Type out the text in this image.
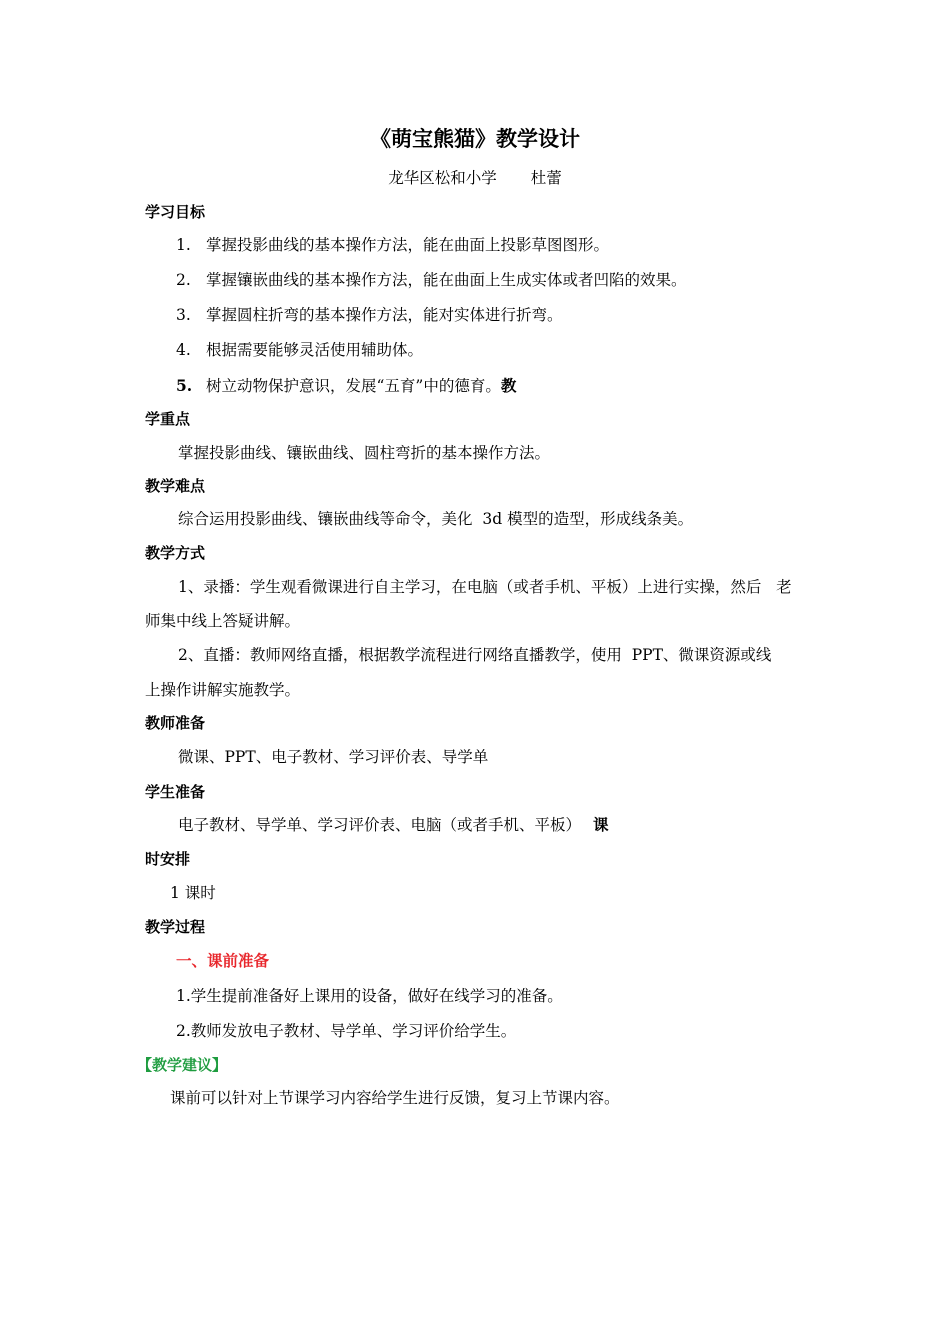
《萌宝熊猫》教学设计
龙华区松和小学 杜蕾
学习目标
1. 掌握投影曲线的基本操作方法，能在曲面上投影草图图形。
2. 掌握镶嵌曲线的基本操作方法，能在曲面上生成实体或者凹陷的效果。
3. 掌握圆柱折弯的基本操作方法，能对实体进行折弯。
4. 根据需要能够灵活使用辅助体。
5. 树立动物保护意识，发展“五育”中的德育。教
学重点
掌握投影曲线、镶嵌曲线、圆柱弯折的基本操作方法。
教学难点
综合运用投影曲线、镶嵌曲线等命令，美化  3d 模型的造型，形成线条美。
教学方式
1、录播：学生观看微课进行自主学习，在电脑（或者手机、平板）上进行实操，然后   老
师集中线上答疑讲解。
2、直播：教师网络直播，根据教学流程进行网络直播教学，使用  PPT、微课资源或线
上操作讲解实施教学。
教师准备
微课、PPT、电子教材、学习评价表、导学单
学生准备
电子教材、导学单、学习评价表、电脑（或者手机、平板） 课
时安排
1 课时
教学过程
一、课前准备
1.学生提前准备好上课用的设备，做好在线学习的准备。
2.教师发放电子教材、导学单、学习评价给学生。
【教学建议】
课前可以针对上节课学习内容给学生进行反馈，复习上节课内容。
